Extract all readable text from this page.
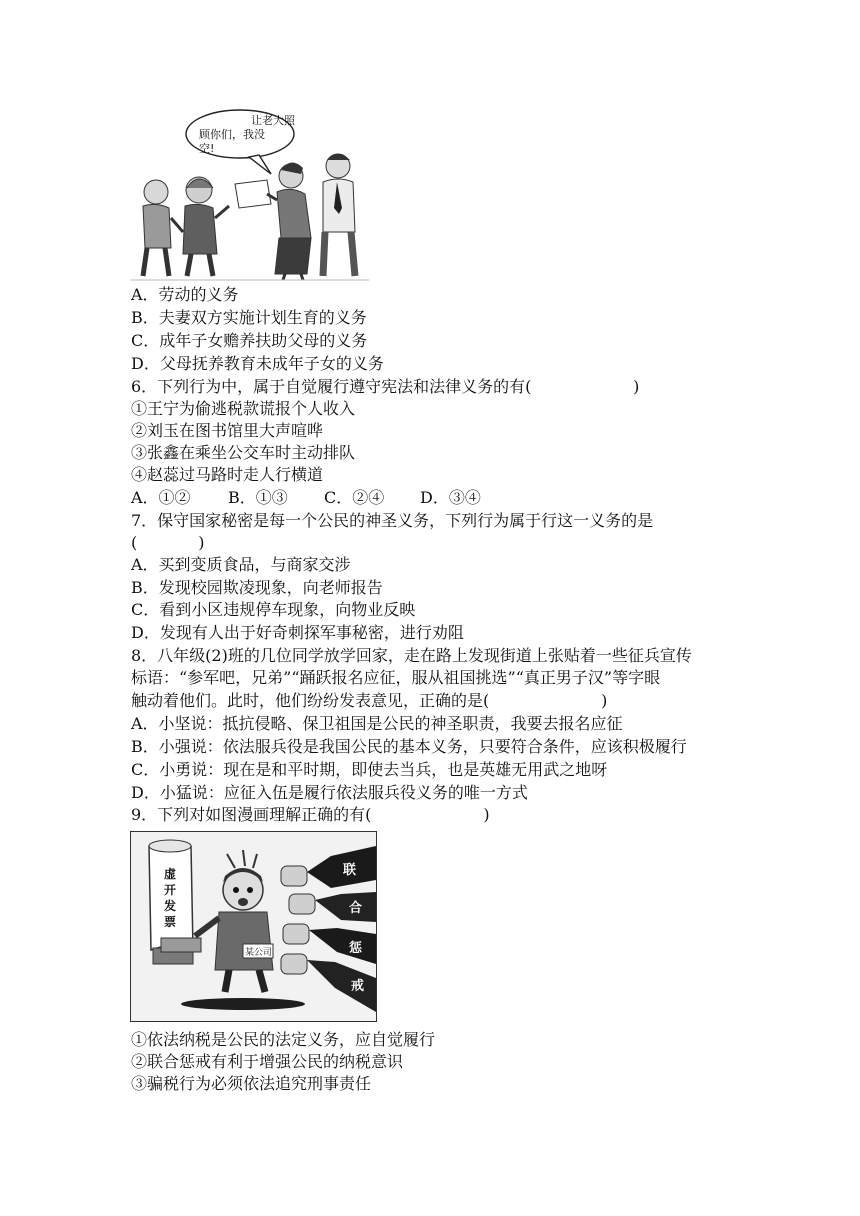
让老大照
顾你们，我没
空!
A．劳动的义务
B．夫妻双方实施计划生育的义务
C．成年子女赡养扶助父母的义务
D．父母抚养教育未成年子女的义务
6．下列行为中，属于自觉履行遵守宪法和法律义务的有(                    )
①王宁为偷逃税款谎报个人收入
②刘玉在图书馆里大声喧哗
③张鑫在乘坐公交车时主动排队
④赵蕊过马路时走人行横道
A．①② B．①③ C．②④ D．③④
7．保守国家秘密是每一个公民的神圣义务，下列行为属于行这一义务的是
(            )
A．买到变质食品，与商家交涉
B．发现校园欺凌现象，向老师报告
C．看到小区违规停车现象，向物业反映
D．发现有人出于好奇刺探军事秘密，进行劝阻
8．八年级(2)班的几位同学放学回家，走在路上发现街道上张贴着一些征兵宣传
标语：“参军吧，兄弟”“踊跃报名应征，服从祖国挑选”“真正男子汉”等字眼
触动着他们。此时，他们纷纷发表意见，正确的是(                      )
A．小坚说：抵抗侵略、保卫祖国是公民的神圣职责，我要去报名应征
B．小强说：依法服兵役是我国公民的基本义务，只要符合条件，应该积极履行
C．小勇说：现在是和平时期，即使去当兵，也是英雄无用武之地呀
D．小猛说：应征入伍是履行依法服兵役义务的唯一方式
9．下列对如图漫画理解正确的有(                      )
虚
开
发
票
某公司
联
合
惩
戒
①依法纳税是公民的法定义务，应自觉履行
②联合惩戒有利于增强公民的纳税意识
③骗税行为必须依法追究刑事责任
